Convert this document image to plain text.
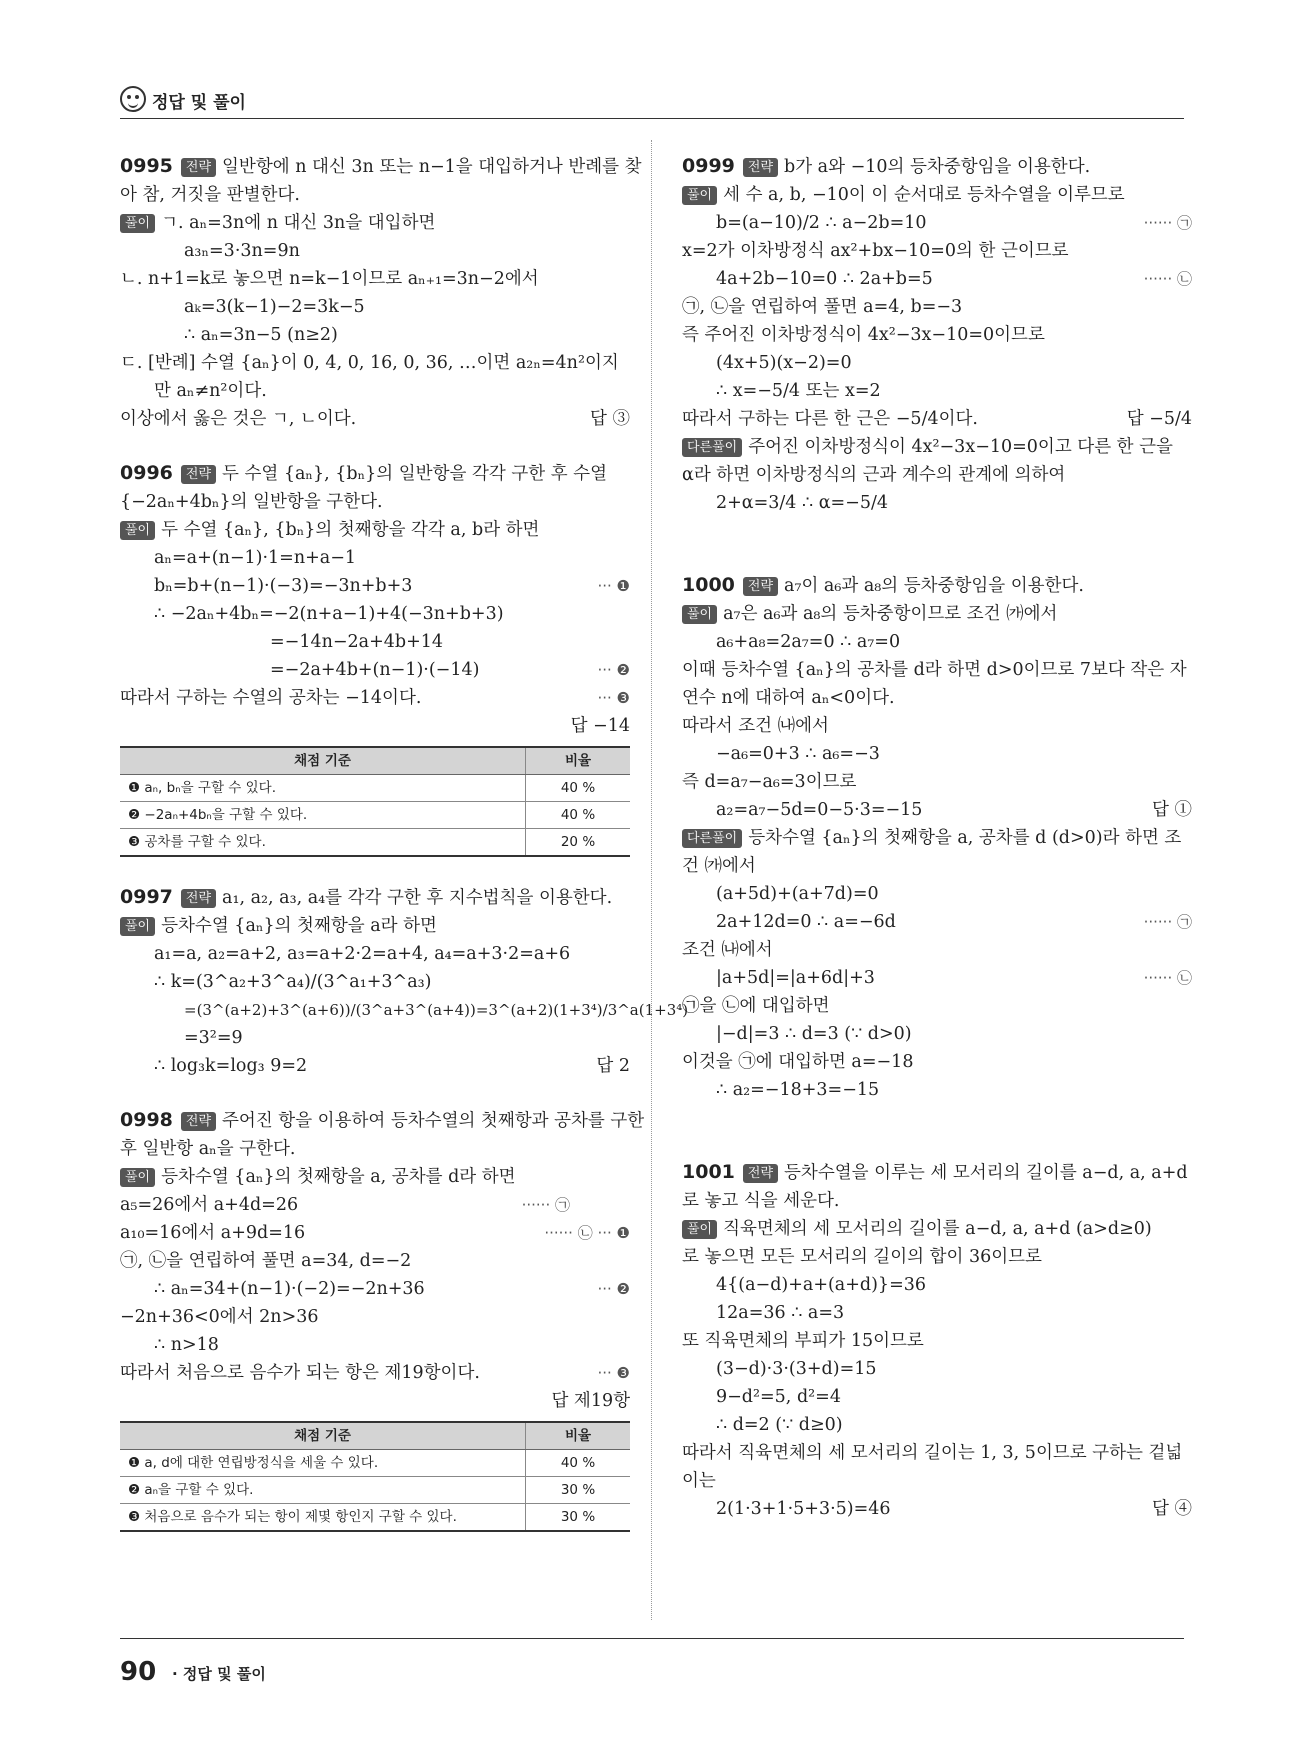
정답 및 풀이
0995 전략 일반항에 n 대신 3n 또는 n−1을 대입하거나 반례를 찾
아 참, 거짓을 판별한다.
풀이 ㄱ. aₙ=3n에 n 대신 3n을 대입하면
a₃ₙ=3·3n=9n
ㄴ. n+1=k로 놓으면 n=k−1이므로 aₙ₊₁=3n−2에서
aₖ=3(k−1)−2=3k−5
∴ aₙ=3n−5 (n≥2)
ㄷ. [반례] 수열 {aₙ}이 0, 4, 0, 16, 0, 36, …이면 a₂ₙ=4n²이지
만 aₙ≠n²이다.
이상에서 옳은 것은 ㄱ, ㄴ이다.	답 ③
0996 전략 두 수열 {aₙ}, {bₙ}의 일반항을 각각 구한 후 수열
{−2aₙ+4bₙ}의 일반항을 구한다.
풀이 두 수열 {aₙ}, {bₙ}의 첫째항을 각각 a, b라 하면
aₙ=a+(n−1)·1=n+a−1
bₙ=b+(n−1)·(−3)=−3n+b+3	··· ❶
∴ −2aₙ+4bₙ=−2(n+a−1)+4(−3n+b+3)
=−14n−2a+4b+14
=−2a+4b+(n−1)·(−14)	··· ❷
따라서 구하는 수열의 공차는 −14이다.	··· ❸
답 −14
채점 기준	비율
❶ aₙ, bₙ을 구할 수 있다.	40 %
❷ −2aₙ+4bₙ을 구할 수 있다.	40 %
❸ 공차를 구할 수 있다.	20 %
0997 전략 a₁, a₂, a₃, a₄를 각각 구한 후 지수법칙을 이용한다.
풀이 등차수열 {aₙ}의 첫째항을 a라 하면
a₁=a, a₂=a+2, a₃=a+2·2=a+4, a₄=a+3·2=a+6
∴ k=(3^a₂+3^a₄)/(3^a₁+3^a₃)
=(3^(a+2)+3^(a+6))/(3^a+3^(a+4))=3^(a+2)(1+3⁴)/3^a(1+3⁴)
=3²=9
∴ log₃k=log₃ 9=2	답 2
0998 전략 주어진 항을 이용하여 등차수열의 첫째항과 공차를 구한
후 일반항 aₙ을 구한다.
풀이 등차수열 {aₙ}의 첫째항을 a, 공차를 d라 하면
a₅=26에서 a+4d=26	······ ㉠
a₁₀=16에서 a+9d=16	······ ㉡ ··· ❶
㉠, ㉡을 연립하여 풀면 a=34, d=−2
∴ aₙ=34+(n−1)·(−2)=−2n+36	··· ❷
−2n+36<0에서 2n>36
∴ n>18
따라서 처음으로 음수가 되는 항은 제19항이다.	··· ❸
답 제19항
채점 기준	비율
❶ a, d에 대한 연립방정식을 세울 수 있다.	40 %
❷ aₙ을 구할 수 있다.	30 %
❸ 처음으로 음수가 되는 항이 제몇 항인지 구할 수 있다.	30 %
0999 전략 b가 a와 −10의 등차중항임을 이용한다.
풀이 세 수 a, b, −10이 이 순서대로 등차수열을 이루므로
b=(a−10)/2 ∴ a−2b=10	······ ㉠
x=2가 이차방정식 ax²+bx−10=0의 한 근이므로
4a+2b−10=0 ∴ 2a+b=5	······ ㉡
㉠, ㉡을 연립하여 풀면 a=4, b=−3
즉 주어진 이차방정식이 4x²−3x−10=0이므로
(4x+5)(x−2)=0
∴ x=−5/4 또는 x=2
따라서 구하는 다른 한 근은 −5/4이다.	답 −5/4
다른풀이 주어진 이차방정식이 4x²−3x−10=0이고 다른 한 근을
α라 하면 이차방정식의 근과 계수의 관계에 의하여
2+α=3/4 ∴ α=−5/4
1000 전략 a₇이 a₆과 a₈의 등차중항임을 이용한다.
풀이 a₇은 a₆과 a₈의 등차중항이므로 조건 ㈎에서
a₆+a₈=2a₇=0 ∴ a₇=0
이때 등차수열 {aₙ}의 공차를 d라 하면 d>0이므로 7보다 작은 자
연수 n에 대하여 aₙ<0이다.
따라서 조건 ㈏에서
−a₆=0+3 ∴ a₆=−3
즉 d=a₇−a₆=3이므로
a₂=a₇−5d=0−5·3=−15	답 ①
다른풀이 등차수열 {aₙ}의 첫째항을 a, 공차를 d (d>0)라 하면 조
건 ㈎에서
(a+5d)+(a+7d)=0
2a+12d=0 ∴ a=−6d	······ ㉠
조건 ㈏에서
|a+5d|=|a+6d|+3	······ ㉡
㉠을 ㉡에 대입하면
|−d|=3 ∴ d=3 (∵ d>0)
이것을 ㉠에 대입하면 a=−18
∴ a₂=−18+3=−15
1001 전략 등차수열을 이루는 세 모서리의 길이를 a−d, a, a+d
로 놓고 식을 세운다.
풀이 직육면체의 세 모서리의 길이를 a−d, a, a+d (a>d≥0)
로 놓으면 모든 모서리의 길이의 합이 36이므로
4{(a−d)+a+(a+d)}=36
12a=36 ∴ a=3
또 직육면체의 부피가 15이므로
(3−d)·3·(3+d)=15
9−d²=5, d²=4
∴ d=2 (∵ d≥0)
따라서 직육면체의 세 모서리의 길이는 1, 3, 5이므로 구하는 겉넓
이는
2(1·3+1·5+3·5)=46	답 ④
90 · 정답 및 풀이
